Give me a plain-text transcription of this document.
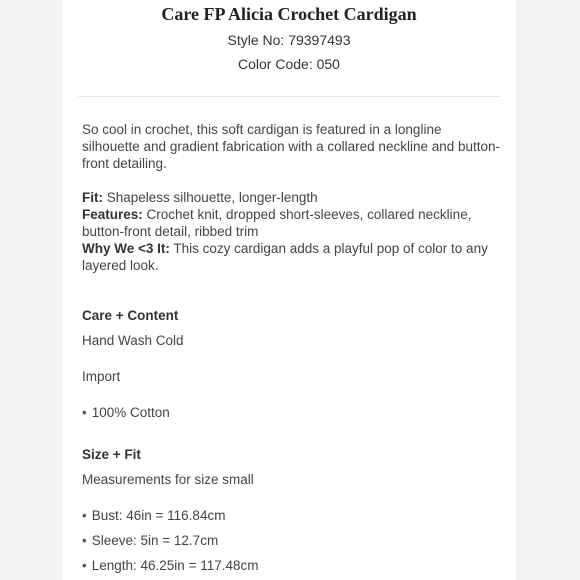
Care FP Alicia Crochet Cardigan
Style No: 79397493
Color Code: 050

So cool in crochet, this soft cardigan is featured in a longline silhouette and gradient fabrication with a collared neckline and button-front detailing.

Fit: Shapeless silhouette, longer-length

Features: Crochet knit, dropped short-sleeves, collared neckline, button-front detail, ribbed trim

Why We <3 It: This cozy cardigan adds a playful pop of color to any layered look.

Care + Content

Hand Wash Cold

Import

• 100% Cotton

Size + Fit

Measurements for size small

• Bust: 46in = 116.84cm

• Sleeve: 5in = 12.7cm

• Length: 46.25in = 117.48cm
